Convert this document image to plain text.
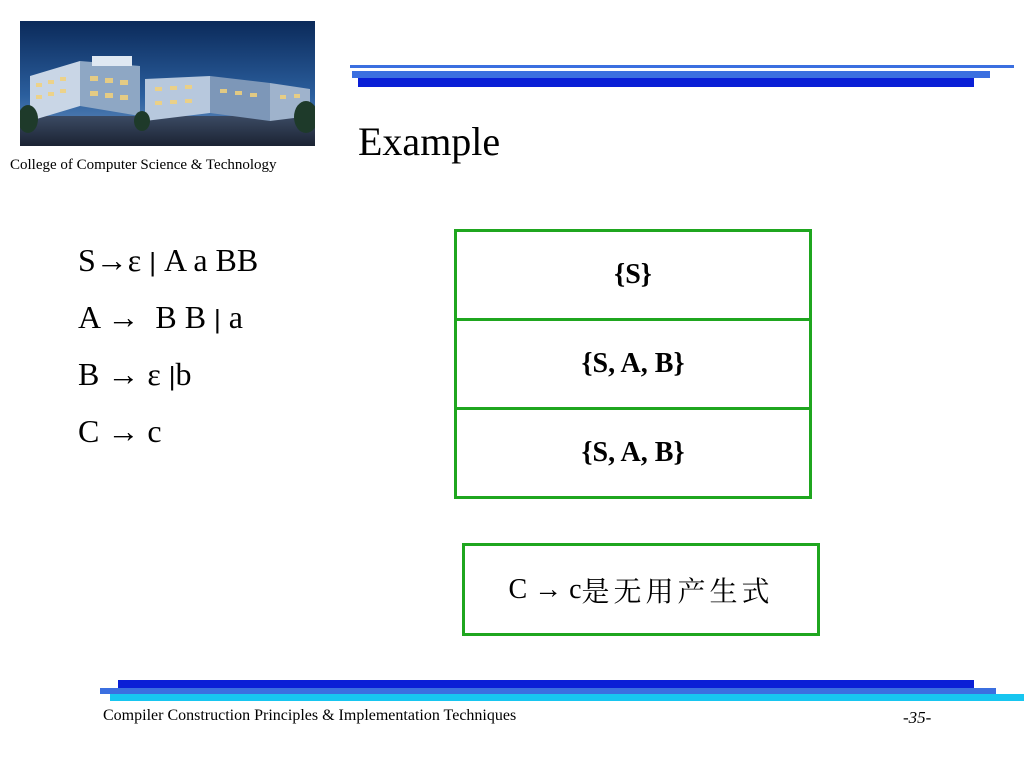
College of Computer Science & Technology
Example
S→ε | A a BB
A →  B B | a
B → ε |b
C → c
{S}
{S, A, B}
{S, A, B}
C → c 是无用产生式
Compiler Construction Principles & Implementation Techniques	-35-
